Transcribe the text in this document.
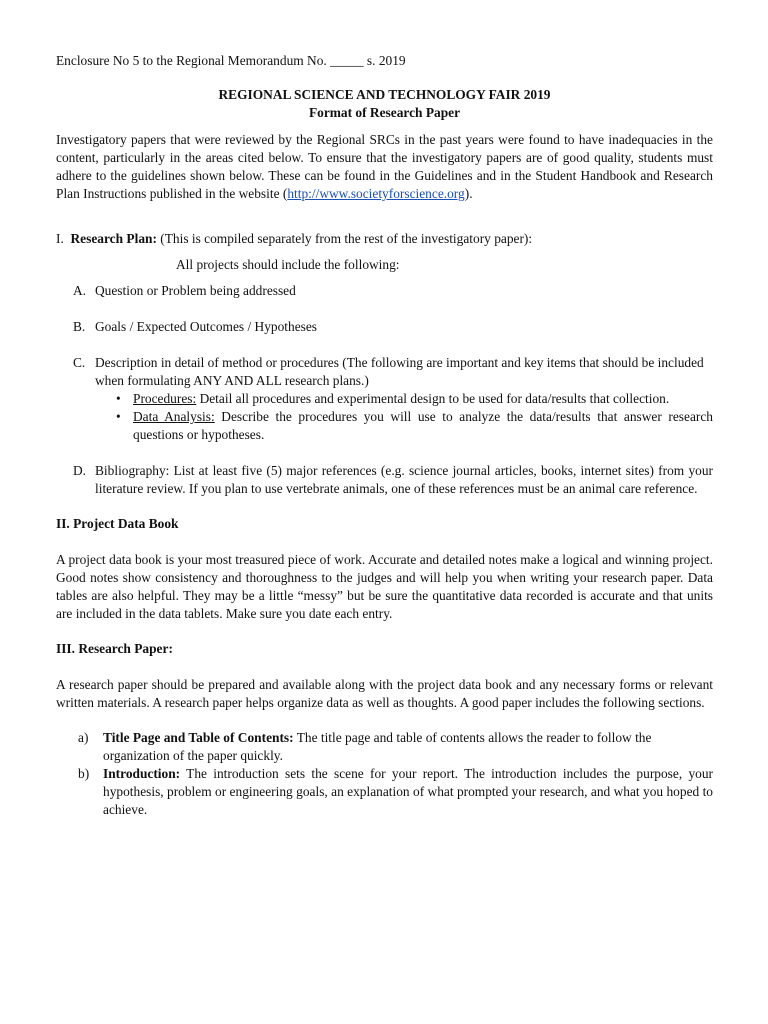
Enclosure No 5 to the Regional Memorandum No. _____ s. 2019

REGIONAL SCIENCE AND TECHNOLOGY FAIR 2019

Format of Research Paper

Investigatory papers that were reviewed by the Regional SRCs in the past years were found to have inadequacies in the content, particularly in the areas cited below. To ensure that the investigatory papers are of good quality, students must adhere to the guidelines shown below. These can be found in the Guidelines and in the Student Handbook and Research Plan Instructions published in the website (http://www.societyforscience.org).

I. Research Plan: (This is compiled separately from the rest of the investigatory paper):

All projects should include the following:

A. Question or Problem being addressed

B. Goals / Expected Outcomes / Hypotheses

C. Description in detail of method or procedures (The following are important and key items that should be included when formulating ANY AND ALL research plans.)

• Procedures: Detail all procedures and experimental design to be used for data/results that collection.

• Data Analysis: Describe the procedures you will use to analyze the data/results that answer research questions or hypotheses.

D. Bibliography: List at least five (5) major references (e.g. science journal articles, books, internet sites) from your literature review. If you plan to use vertebrate animals, one of these references must be an animal care reference.

II. Project Data Book

A project data book is your most treasured piece of work. Accurate and detailed notes make a logical and winning project. Good notes show consistency and thoroughness to the judges and will help you when writing your research paper. Data tables are also helpful. They may be a little “messy” but be sure the quantitative data recorded is accurate and that units are included in the data tablets. Make sure you date each entry.

III. Research Paper:

A research paper should be prepared and available along with the project data book and any necessary forms or relevant written materials. A research paper helps organize data as well as thoughts. A good paper includes the following sections.

a) Title Page and Table of Contents: The title page and table of contents allows the reader to follow the organization of the paper quickly.

b) Introduction: The introduction sets the scene for your report. The introduction includes the purpose, your hypothesis, problem or engineering goals, an explanation of what prompted your research, and what you hoped to achieve.
